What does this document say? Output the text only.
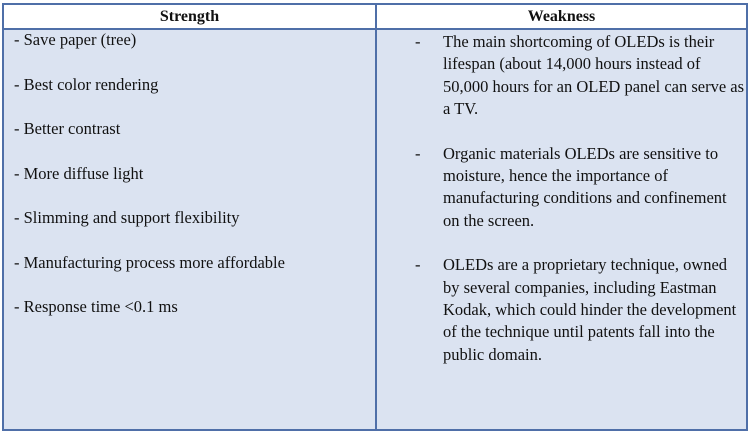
Strength	Weakness
- Save paper (tree)
- Best color rendering
- Better contrast
- More diffuse light
- Slimming and support flexibility
- Manufacturing process more affordable
- Response time <0.1 ms
- The main shortcoming of OLEDs is their lifespan (about 14,000 hours instead of 50,000 hours for an OLED panel can serve as a TV.
- Organic materials OLEDs are sensitive to moisture, hence the importance of manufacturing conditions and confinement on the screen.
- OLEDs are a proprietary technique, owned by several companies, including Eastman Kodak, which could hinder the development of the technique until patents fall into the public domain.
